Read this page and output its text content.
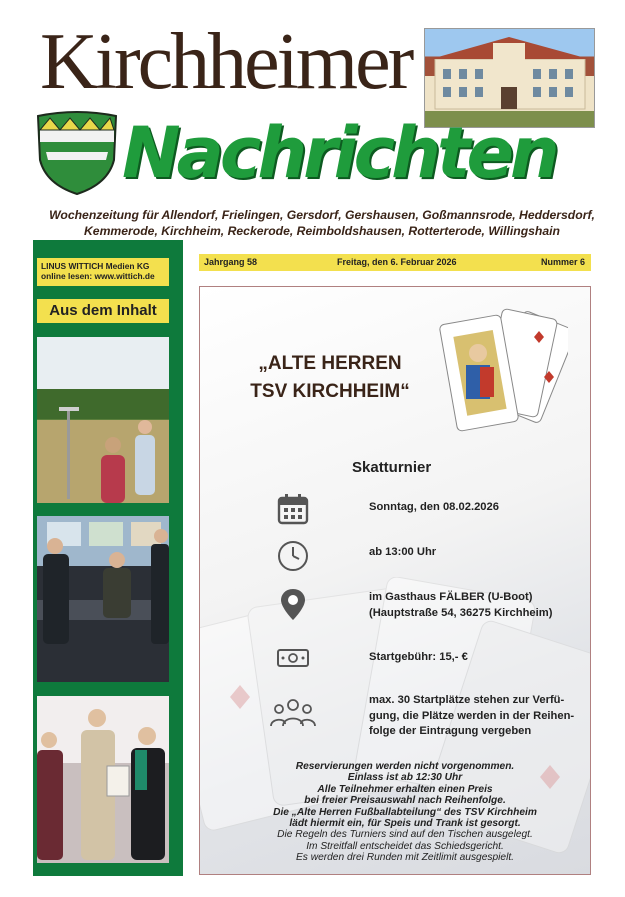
Kirchheimer
Nachrichten
Wochenzeitung für Allendorf, Frielingen, Gersdorf, Gershausen, Goßmannsrode, Heddersdorf,
Kemmerode, Kirchheim, Reckerode, Reimboldshausen, Rotterterode, Willingshain
LINUS WITTICH Medien KG
online lesen: www.wittich.de
Aus dem Inhalt
Jahrgang 58	Freitag, den 6. Februar 2026	Nummer 6
„ALTE HERREN
TSV KIRCHHEIM“
Skatturnier
Sonntag, den 08.02.2026
ab 13:00 Uhr
im Gasthaus FÄLBER (U-Boot)
(Hauptstraße 54, 36275 Kirchheim)
Startgebühr: 15,- €
max. 30 Startplätze stehen zur Verfü-
gung, die Plätze werden in der Reihen-
folge der Eintragung vergeben
Reservierungen werden nicht vorgenommen.
Einlass ist ab 12:30 Uhr
Alle Teilnehmer erhalten einen Preis
bei freier Preisauswahl nach Reihenfolge.
Die „Alte Herren Fußballabteilung“ des TSV Kirchheim
lädt hiermit ein, für Speis und Trank ist gesorgt.
Die Regeln des Turniers sind auf den Tischen ausgelegt.
Im Streitfall entscheidet das Schiedsgericht.
Es werden drei Runden mit Zeitlimit ausgespielt.
